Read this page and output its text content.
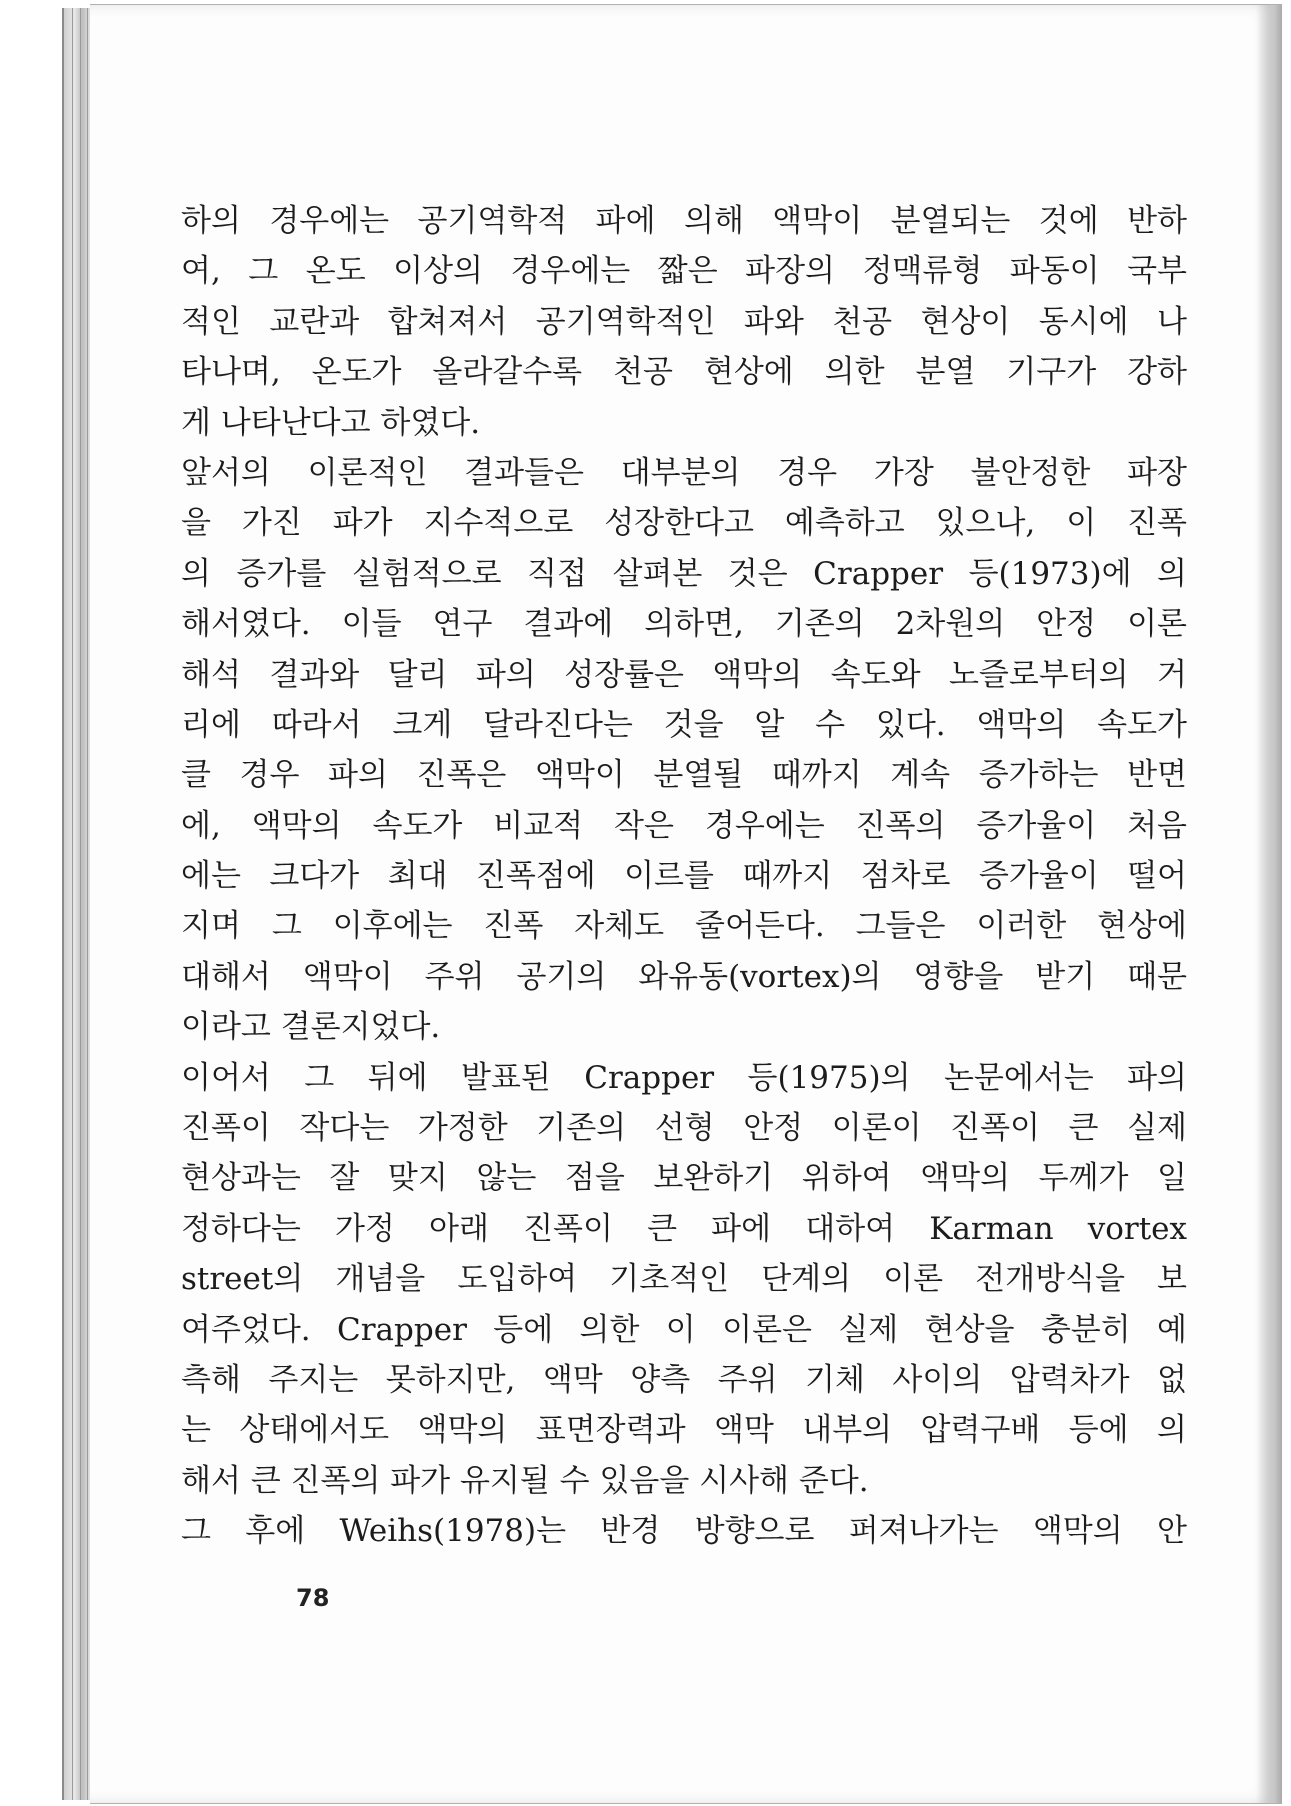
하의 경우에는 공기역학적 파에 의해 액막이 분열되는 것에 반하
여, 그 온도 이상의 경우에는 짧은 파장의 정맥류형 파동이 국부
적인 교란과 합쳐져서 공기역학적인 파와 천공 현상이 동시에 나
타나며, 온도가 올라갈수록 천공 현상에 의한 분열 기구가 강하
게 나타난다고 하였다.
앞서의 이론적인 결과들은 대부분의 경우 가장 불안정한 파장
을 가진 파가 지수적으로 성장한다고 예측하고 있으나, 이 진폭
의 증가를 실험적으로 직접 살펴본 것은 Crapper 등(1973)에 의
해서였다. 이들 연구 결과에 의하면, 기존의 2차원의 안정 이론
해석 결과와 달리 파의 성장률은 액막의 속도와 노즐로부터의 거
리에 따라서 크게 달라진다는 것을 알 수 있다. 액막의 속도가
클 경우 파의 진폭은 액막이 분열될 때까지 계속 증가하는 반면
에, 액막의 속도가 비교적 작은 경우에는 진폭의 증가율이 처음
에는 크다가 최대 진폭점에 이르를 때까지 점차로 증가율이 떨어
지며 그 이후에는 진폭 자체도 줄어든다. 그들은 이러한 현상에
대해서 액막이 주위 공기의 와유동(vortex)의 영향을 받기 때문
이라고 결론지었다.
이어서 그 뒤에 발표된 Crapper 등(1975)의 논문에서는 파의
진폭이 작다는 가정한 기존의 선형 안정 이론이 진폭이 큰 실제
현상과는 잘 맞지 않는 점을 보완하기 위하여 액막의 두께가 일
정하다는 가정 아래 진폭이 큰 파에 대하여 Karman vortex
street의 개념을 도입하여 기초적인 단계의 이론 전개방식을 보
여주었다. Crapper 등에 의한 이 이론은 실제 현상을 충분히 예
측해 주지는 못하지만, 액막 양측 주위 기체 사이의 압력차가 없
는 상태에서도 액막의 표면장력과 액막 내부의 압력구배 등에 의
해서 큰 진폭의 파가 유지될 수 있음을 시사해 준다.
그 후에 Weihs(1978)는 반경 방향으로 퍼져나가는 액막의 안
78
